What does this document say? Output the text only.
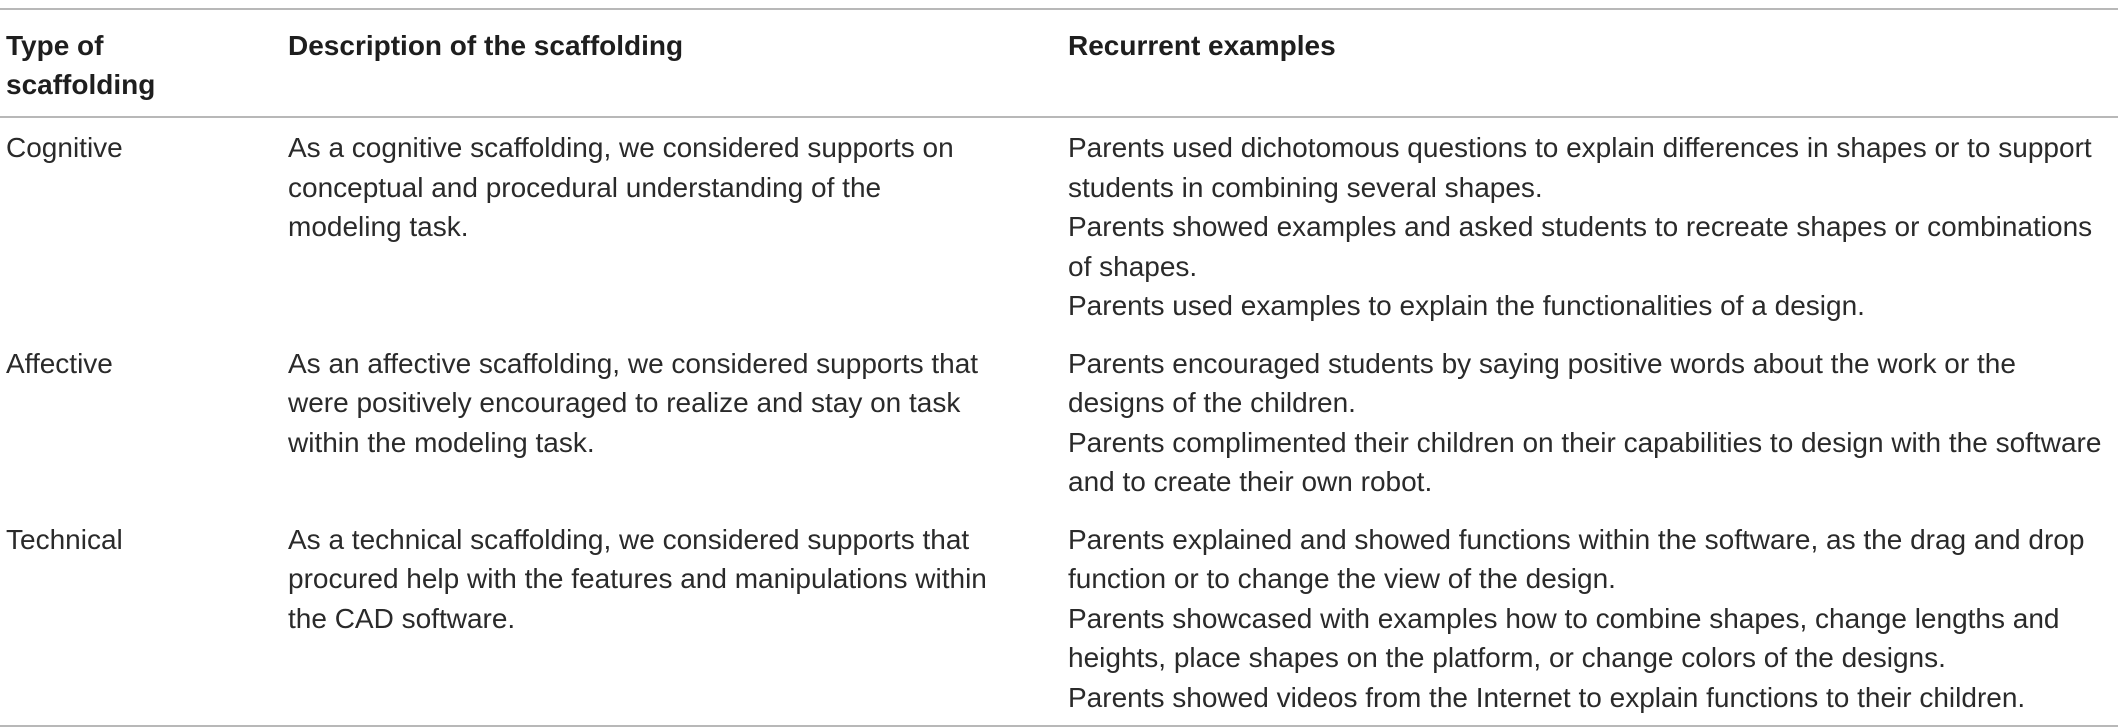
Type of scaffolding	Description of the scaffolding	Recurrent examples
Cognitive	As a cognitive scaffolding, we considered supports on conceptual and procedural understanding of the modeling task.	Parents used dichotomous questions to explain differences in shapes or to support students in combining several shapes.
Parents showed examples and asked students to recreate shapes or combinations of shapes.
Parents used examples to explain the functionalities of a design.

Affective	As an affective scaffolding, we considered supports that were positively encouraged to realize and stay on task within the modeling task.	Parents encouraged students by saying positive words about the work or the designs of the children.
Parents complimented their children on their capabilities to design with the software and to create their own robot.

Technical	As a technical scaffolding, we considered supports that procured help with the features and manipulations within the CAD software.	Parents explained and showed functions within the software, as the drag and drop function or to change the view of the design.
Parents showcased with examples how to combine shapes, change lengths and heights, place shapes on the platform, or change colors of the designs.
Parents showed videos from the Internet to explain functions to their children.
